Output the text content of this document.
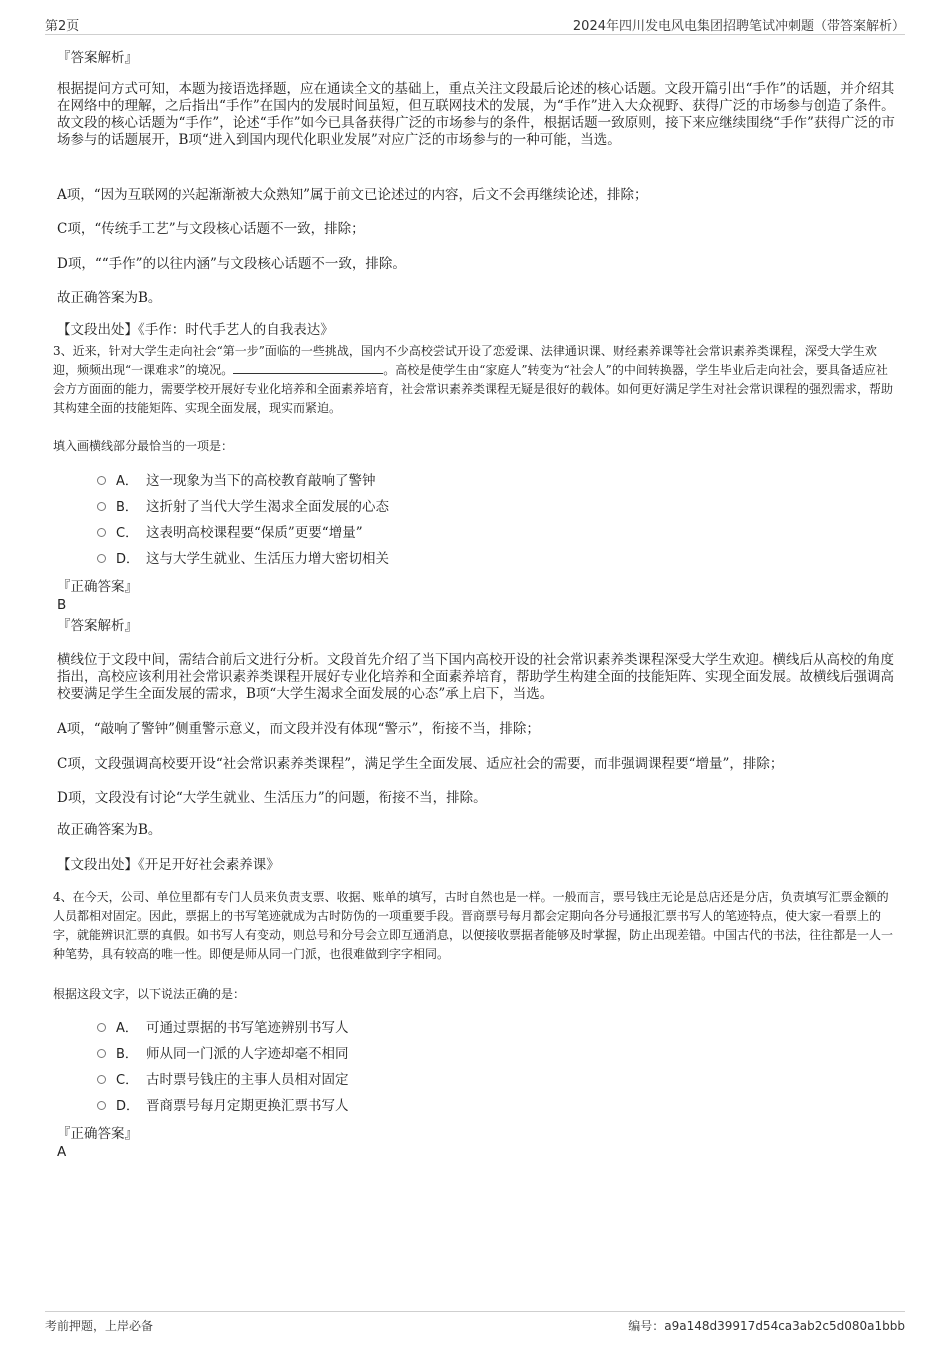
第2页	2024年四川发电风电集团招聘笔试冲刺题（带答案解析）
『答案解析』
根据提问方式可知，本题为接语选择题，应在通读全文的基础上，重点关注文段最后论述的核心话题。文段开篇引出“手作”的话题，并介绍其在网络中的理解，之后指出“手作”在国内的发展时间虽短，但互联网技术的发展，为“手作”进入大众视野、获得广泛的市场参与创造了条件。故文段的核心话题为“手作”，论述“手作”如今已具备获得广泛的市场参与的条件，根据话题一致原则，接下来应继续围绕“手作”获得广泛的市场参与的话题展开，B项“进入到国内现代化职业发展”对应广泛的市场参与的一种可能，当选。
A项，“因为互联网的兴起渐渐被大众熟知”属于前文已论述过的内容，后文不会再继续论述，排除；
C项，“传统手工艺”与文段核心话题不一致，排除；
D项，““手作”的以往内涵”与文段核心话题不一致，排除。
故正确答案为B。
【文段出处】《手作：时代手艺人的自我表达》
3、近来，针对大学生走向社会“第一步”面临的一些挑战，国内不少高校尝试开设了恋爱课、法律通识课、财经素养课等社会常识素养类课程，深受大学生欢迎，频频出现“一课难求”的境况。	。高校是使学生由“家庭人”转变为“社会人”的中间转换器，学生毕业后走向社会，要具备适应社会方方面面的能力，需要学校开展好专业化培养和全面素养培育，社会常识素养类课程无疑是很好的载体。如何更好满足学生对社会常识课程的强烈需求，帮助其构建全面的技能矩阵、实现全面发展，现实而紧迫。
填入画横线部分最恰当的一项是：
A． 这一现象为当下的高校教育敲响了警钟
B． 这折射了当代大学生渴求全面发展的心态
C． 这表明高校课程要“保质”更要“增量”
D． 这与大学生就业、生活压力增大密切相关
『正确答案』
B
『答案解析』
横线位于文段中间，需结合前后文进行分析。文段首先介绍了当下国内高校开设的社会常识素养类课程深受大学生欢迎。横线后从高校的角度指出，高校应该利用社会常识素养类课程开展好专业化培养和全面素养培育，帮助学生构建全面的技能矩阵、实现全面发展。故横线后强调高校要满足学生全面发展的需求，B项“大学生渴求全面发展的心态”承上启下，当选。
A项，“敲响了警钟”侧重警示意义，而文段并没有体现“警示”，衔接不当，排除；
C项，文段强调高校要开设“社会常识素养类课程”，满足学生全面发展、适应社会的需要，而非强调课程要“增量”，排除；
D项，文段没有讨论“大学生就业、生活压力”的问题，衔接不当，排除。
故正确答案为B。
【文段出处】《开足开好社会素养课》
4、在今天，公司、单位里都有专门人员来负责支票、收据、账单的填写，古时自然也是一样。一般而言，票号钱庄无论是总店还是分店，负责填写汇票金额的人员都相对固定。因此，票据上的书写笔迹就成为古时防伪的一项重要手段。晋商票号每月都会定期向各分号通报汇票书写人的笔迹特点，使大家一看票上的字，就能辨识汇票的真假。如书写人有变动，则总号和分号会立即互通消息，以便接收票据者能够及时掌握，防止出现差错。中国古代的书法，往往都是一人一种笔势，具有较高的唯一性。即便是师从同一门派，也很难做到字字相同。
根据这段文字，以下说法正确的是：
A． 可通过票据的书写笔迹辨别书写人
B． 师从同一门派的人字迹却毫不相同
C． 古时票号钱庄的主事人员相对固定
D． 晋商票号每月定期更换汇票书写人
『正确答案』
A
考前押题，上岸必备	编号：a9a148d39917d54ca3ab2c5d080a1bbb
